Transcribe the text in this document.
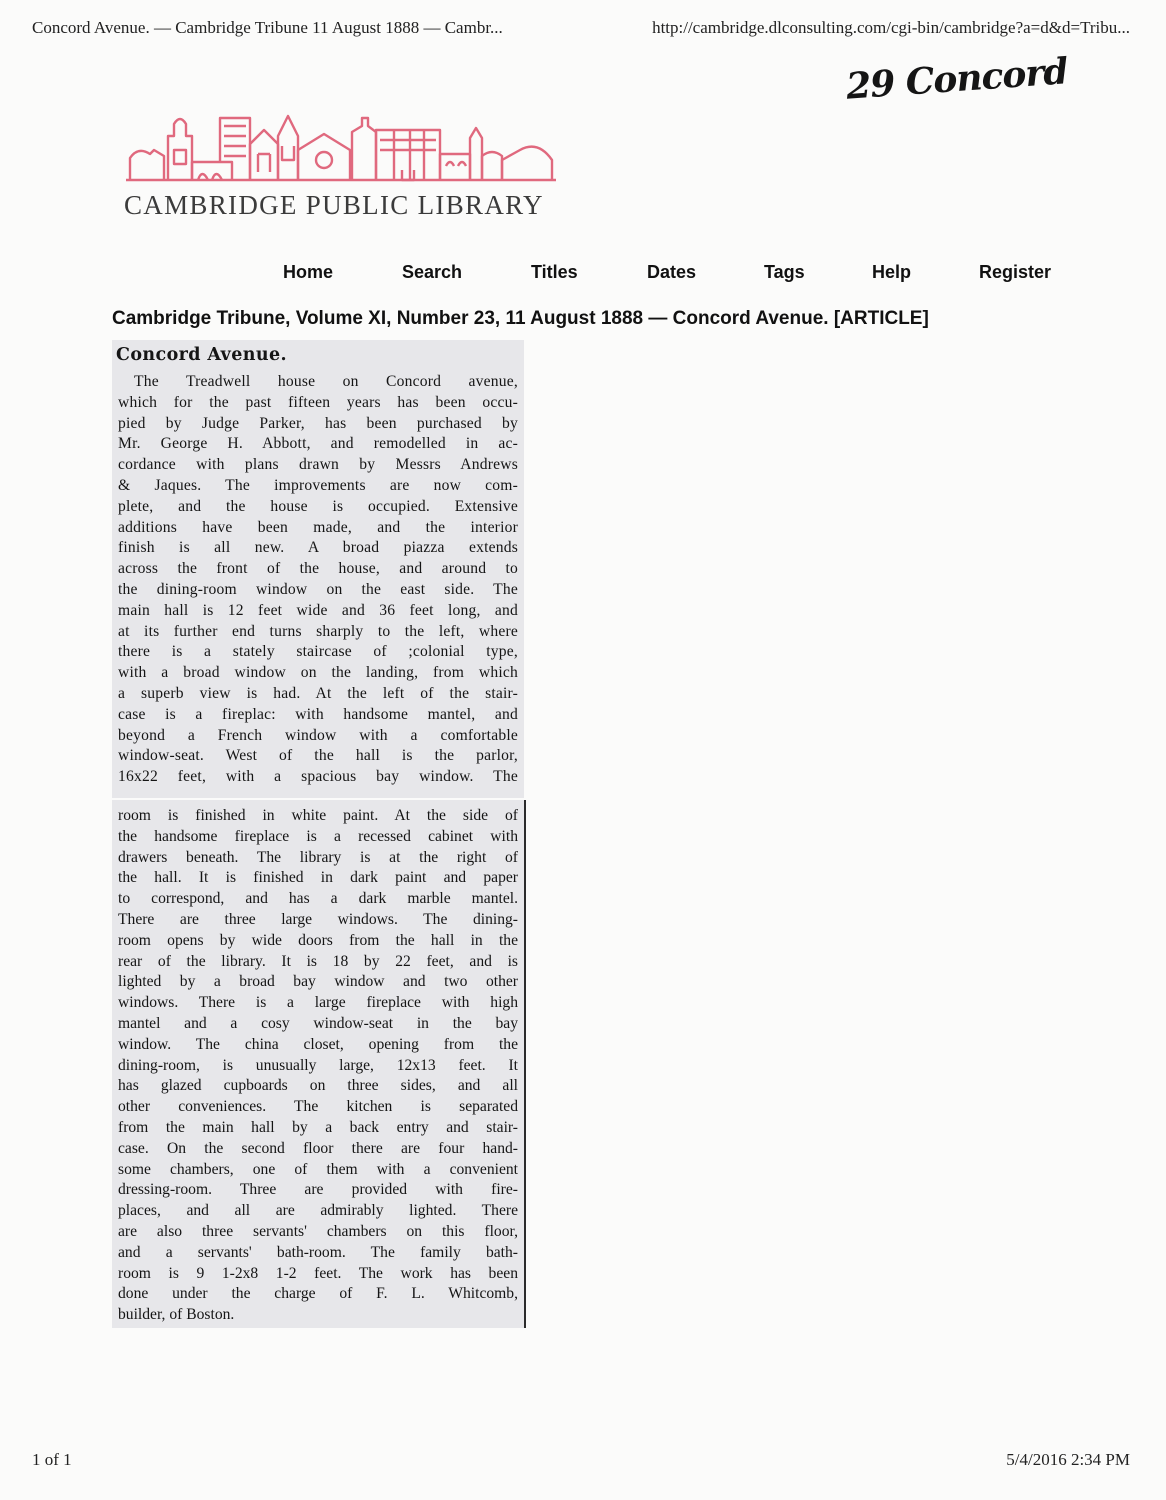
Concord Avenue. — Cambridge Tribune 11 August 1888 — Cambr...	http://cambridge.dlconsulting.com/cgi-bin/cambridge?a=d&d=Tribu...
29 Concord
CAMBRIDGE PUBLIC LIBRARY
Home	Search	Titles	Dates	Tags	Help	Register
Cambridge Tribune, Volume XI, Number 23, 11 August 1888 — Concord Avenue. [ARTICLE]
Concord Avenue.
The Treadwell house on Concord avenue,
which for the past fifteen years has been occu-
pied by Judge Parker, has been purchased by
Mr. George H. Abbott, and remodelled in ac-
cordance with plans drawn by Messrs Andrews
& Jaques. The improvements are now com-
plete, and the house is occupied. Extensive
additions have been made, and the interior
finish is all new. A broad piazza extends
across the front of the house, and around to
the dining-room window on the east side. The
main hall is 12 feet wide and 36 feet long, and
at its further end turns sharply to the left, where
there is a stately staircase of ;colonial type,
with a broad window on the landing, from which
a superb view is had. At the left of the stair-
case is a fireplac: with handsome mantel, and
beyond a French window with a comfortable
window-seat. West of the hall is the parlor,
16x22 feet, with a spacious bay window. The
room is finished in white paint. At the side of
the handsome fireplace is a recessed cabinet with
drawers beneath. The library is at the right of
the hall. It is finished in dark paint and paper
to correspond, and has a dark marble mantel.
There are three large windows. The dining-
room opens by wide doors from the hall in the
rear of the library. It is 18 by 22 feet, and is
lighted by a broad bay window and two other
windows. There is a large fireplace with high
mantel and a cosy window-seat in the bay
window. The china closet, opening from the
dining-room, is unusually large, 12x13 feet. It
has glazed cupboards on three sides, and all
other conveniences. The kitchen is separated
from the main hall by a back entry and stair-
case. On the second floor there are four hand-
some chambers, one of them with a convenient
dressing-room. Three are provided with fire-
places, and all are admirably lighted. There
are also three servants' chambers on this floor,
and a servants' bath-room. The family bath-
room is 9 1-2x8 1-2 feet. The work has been
done under the charge of F. L. Whitcomb,
builder, of Boston.
1 of 1	5/4/2016 2:34 PM
